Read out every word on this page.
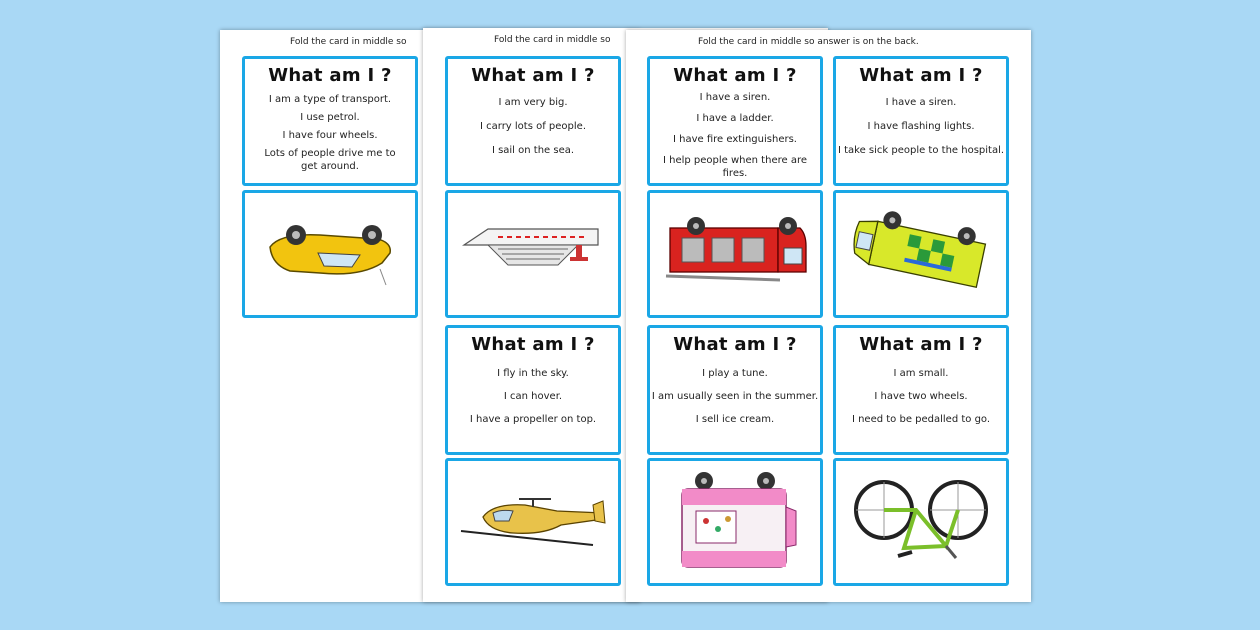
Fold the card in middle so
What am I ?
I am a type of transport.
I use petrol.
I have four wheels.
Lots of people drive me to get around.
Fold the card in middle so
What am I ?
I am very big.
I carry lots of people.
I sail on the sea.
What am I ?
I fly in the sky.
I can hover.
I have a propeller on top.
Fold the card in middle so answer is on the back.
What am I ?
I have a siren.
I have a ladder.
I have fire extinguishers.
I help people when there are fires.
What am I ?
I have a siren.
I have flashing lights.
I take sick people to the hospital.
What am I ?
I play a tune.
I am usually seen in the summer.
I sell ice cream.
What am I ?
I am small.
I have two wheels.
I need to be pedalled to go.
